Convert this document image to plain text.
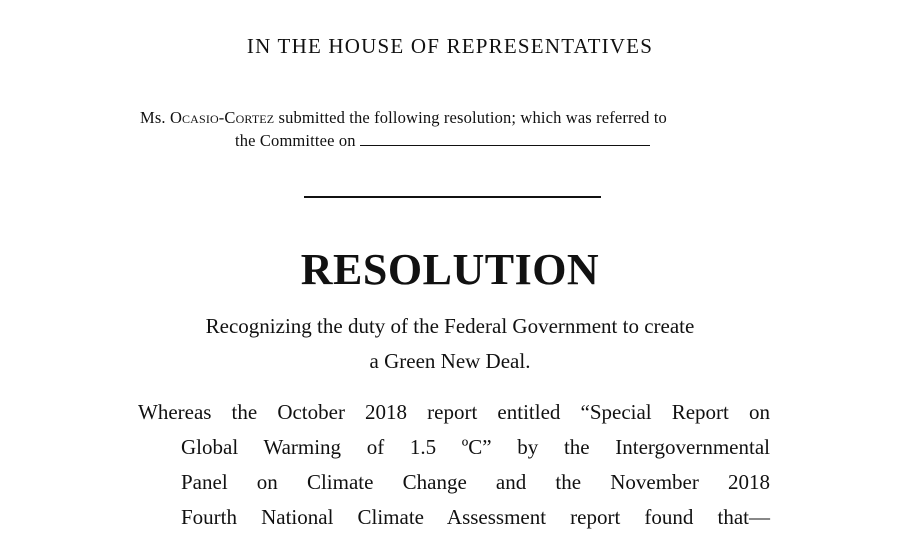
IN THE HOUSE OF REPRESENTATIVES
Ms. Ocasio-Cortez submitted the following resolution; which was referred to
the Committee on
RESOLUTION
Recognizing the duty of the Federal Government to create
a Green New Deal.
Whereas the October 2018 report entitled “Special Report on
Global Warming of 1.5 ºC” by the Intergovernmental
Panel on Climate Change and the November 2018
Fourth National Climate Assessment report found that—
